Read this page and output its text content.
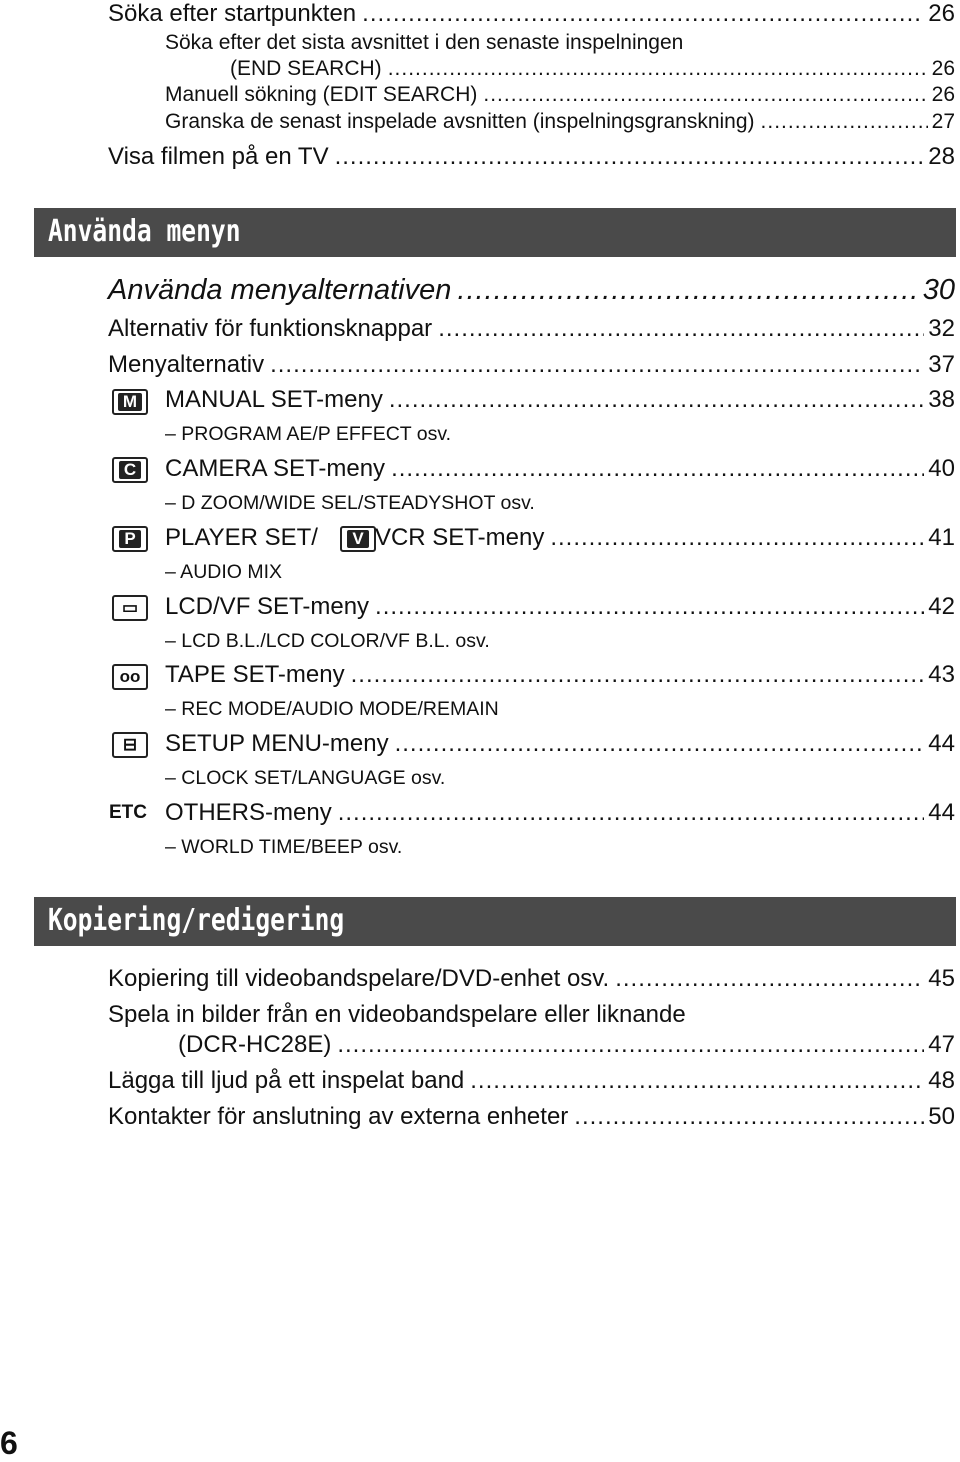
Söka efter startpunkten .....	26
Söka efter det sista avsnittet i den senaste inspelningen
(END SEARCH) .....	26
Manuell sökning (EDIT SEARCH) .....	26
Granska de senast inspelade avsnitten (inspelningsgranskning) .....	27
Visa filmen på en TV .....	28
Använda menyn
Använda menyalternativen .....	30
Alternativ för funktionsknappar .....	32
Menyalternativ .....	37
M MANUAL SET-meny .....	38
– PROGRAM AE/P EFFECT osv.
C CAMERA SET-meny .....	40
– D ZOOM/WIDE SEL/STEADYSHOT osv.
P	V
PLAYER SET/ VCR SET-meny .....	41
– AUDIO MIX
▭ LCD/VF SET-meny .....	42
– LCD B.L./LCD COLOR/VF B.L. osv.
oo TAPE SET-meny .....	43
– REC MODE/AUDIO MODE/REMAIN
⊟ SETUP MENU-meny .....	44
– CLOCK SET/LANGUAGE osv.
ETC OTHERS-meny .....	44
– WORLD TIME/BEEP osv.
Kopiering/redigering
Kopiering till videobandspelare/DVD-enhet osv. .....	45
Spela in bilder från en videobandspelare eller liknande
(DCR-HC28E) .....	47
Lägga till ljud på ett inspelat band .....	48
Kontakter för anslutning av externa enheter .....	50
6
